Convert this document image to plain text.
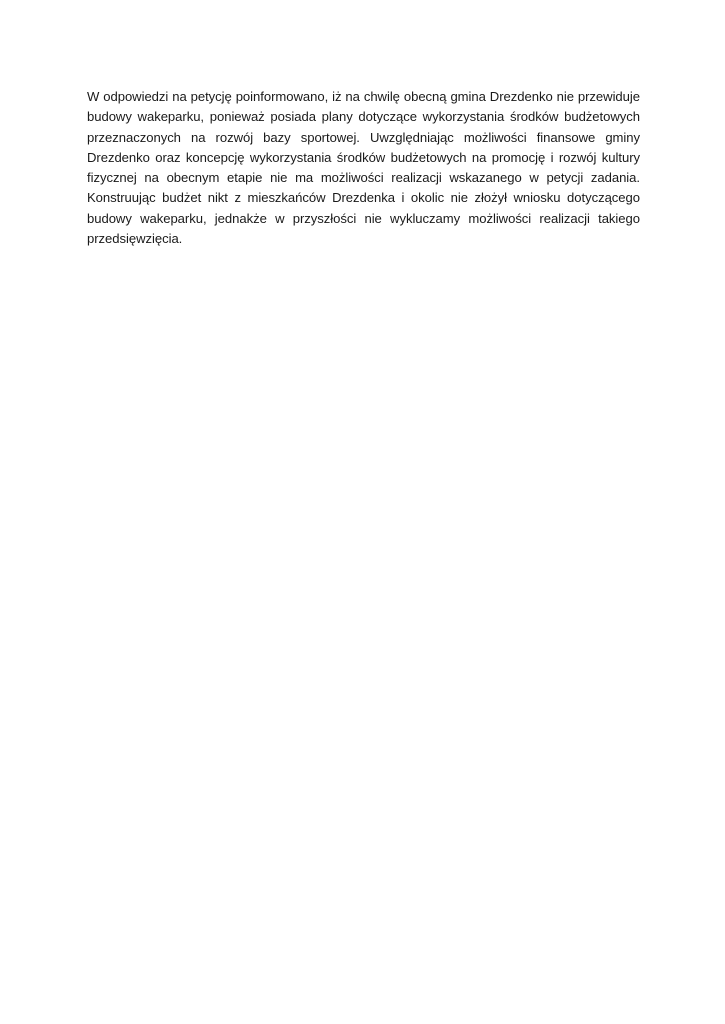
W odpowiedzi na petycję poinformowano, iż na chwilę obecną gmina Drezdenko nie przewiduje budowy wakeparku, ponieważ posiada plany dotyczące wykorzystania środków budżetowych przeznaczonych na rozwój bazy sportowej. Uwzględniając możliwości finansowe gminy Drezdenko oraz koncepcję wykorzystania środków budżetowych na promocję i rozwój kultury fizycznej na obecnym etapie nie ma możliwości realizacji wskazanego w petycji zadania. Konstruując budżet nikt z mieszkańców Drezdenka i okolic nie złożył wniosku dotyczącego budowy wakeparku, jednakże w przyszłości nie wykluczamy możliwości realizacji takiego przedsięwzięcia.
